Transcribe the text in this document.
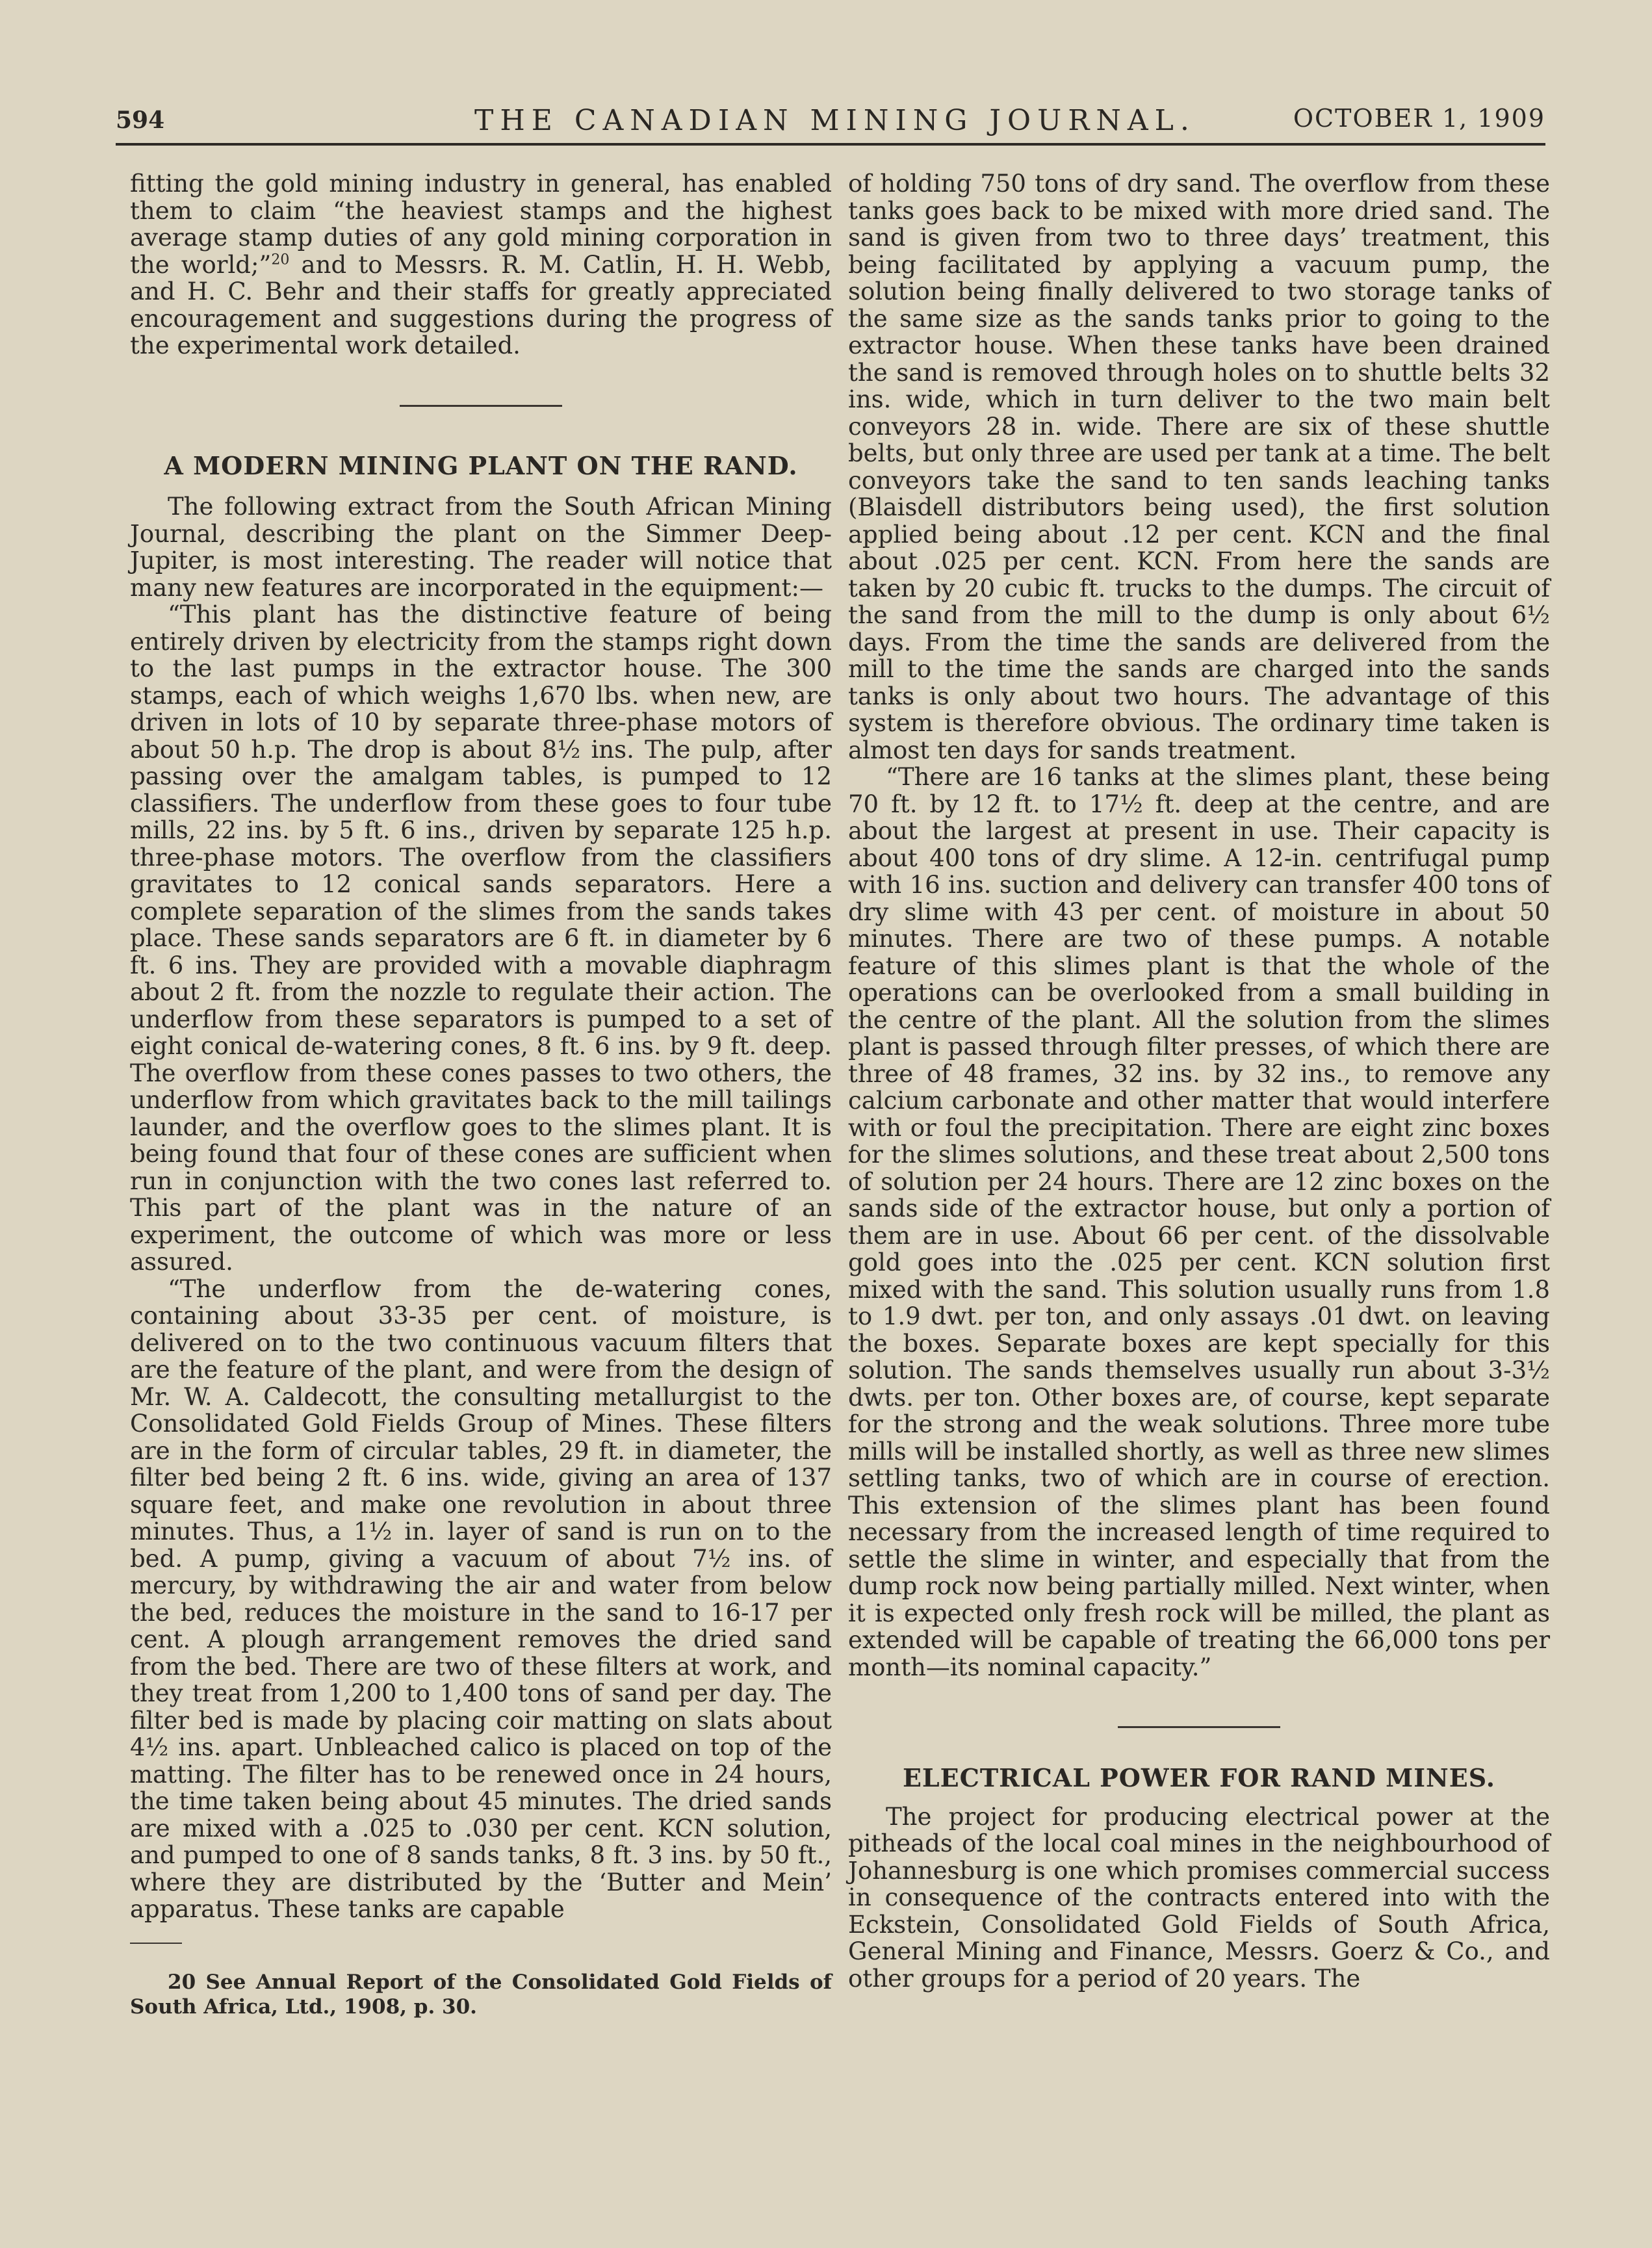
594	THE CANADIAN MINING JOURNAL.	OCTOBER 1, 1909

fitting the gold mining industry in general, has enabled them to claim “the heaviest stamps and the highest average stamp duties of any gold mining corporation in the world;”$^{20}$ and to Messrs. R. M. Catlin, H. H. Webb, and H. C. Behr and their staffs for greatly appreciated encouragement and suggestions during the progress of the experimental work detailed.

A MODERN MINING PLANT ON THE RAND.

The following extract from the South African Mining Journal, describing the plant on the Simmer Deep-Jupiter, is most interesting. The reader will notice that many new features are incorporated in the equipment:—

“This plant has the distinctive feature of being entirely driven by electricity from the stamps right down to the last pumps in the extractor house. The 300 stamps, each of which weighs 1,670 lbs. when new, are driven in lots of 10 by separate three-phase motors of about 50 h.p. The drop is about 8½ ins. The pulp, after passing over the amalgam tables, is pumped to 12 classifiers. The underflow from these goes to four tube mills, 22 ins. by 5 ft. 6 ins., driven by separate 125 h.p. three-phase motors. The overflow from the classifiers gravitates to 12 conical sands separators. Here a complete separation of the slimes from the sands takes place. These sands separators are 6 ft. in diameter by 6 ft. 6 ins. They are provided with a movable diaphragm about 2 ft. from the nozzle to regulate their action. The underflow from these separators is pumped to a set of eight conical de-watering cones, 8 ft. 6 ins. by 9 ft. deep. The overflow from these cones passes to two others, the underflow from which gravitates back to the mill tailings launder, and the overflow goes to the slimes plant. It is being found that four of these cones are sufficient when run in conjunction with the two cones last referred to. This part of the plant was in the nature of an experiment, the outcome of which was more or less assured.

“The underflow from the de-watering cones, containing about 33-35 per cent. of moisture, is delivered on to the two continuous vacuum filters that are the feature of the plant, and were from the design of Mr. W. A. Caldecott, the consulting metallurgist to the Consolidated Gold Fields Group of Mines. These filters are in the form of circular tables, 29 ft. in diameter, the filter bed being 2 ft. 6 ins. wide, giving an area of 137 square feet, and make one revolution in about three minutes. Thus, a 1½ in. layer of sand is run on to the bed. A pump, giving a vacuum of about 7½ ins. of mercury, by withdrawing the air and water from below the bed, reduces the moisture in the sand to 16-17 per cent. A plough arrangement removes the dried sand from the bed. There are two of these filters at work, and they treat from 1,200 to 1,400 tons of sand per day. The filter bed is made by placing coir matting on slats about 4½ ins. apart. Unbleached calico is placed on top of the matting. The filter has to be renewed once in 24 hours, the time taken being about 45 minutes. The dried sands are mixed with a .025 to .030 per cent. KCN solution, and pumped to one of 8 sands tanks, 8 ft. 3 ins. by 50 ft., where they are distributed by the ‘Butter and Mein’ apparatus. These tanks are capable

20 See Annual Report of the Consolidated Gold Fields of South Africa, Ltd., 1908, p. 30.

of holding 750 tons of dry sand. The overflow from these tanks goes back to be mixed with more dried sand. The sand is given from two to three days’ treatment, this being facilitated by applying a vacuum pump, the solution being finally delivered to two storage tanks of the same size as the sands tanks prior to going to the extractor house. When these tanks have been drained the sand is removed through holes on to shuttle belts 32 ins. wide, which in turn deliver to the two main belt conveyors 28 in. wide. There are six of these shuttle belts, but only three are used per tank at a time. The belt conveyors take the sand to ten sands leaching tanks (Blaisdell distributors being used), the first solution applied being about .12 per cent. KCN and the final about .025 per cent. KCN. From here the sands are taken by 20 cubic ft. trucks to the dumps. The circuit of the sand from the mill to the dump is only about 6½ days. From the time the sands are delivered from the mill to the time the sands are charged into the sands tanks is only about two hours. The advantage of this system is therefore obvious. The ordinary time taken is almost ten days for sands treatment.

“There are 16 tanks at the slimes plant, these being 70 ft. by 12 ft. to 17½ ft. deep at the centre, and are about the largest at present in use. Their capacity is about 400 tons of dry slime. A 12-in. centrifugal pump with 16 ins. suction and delivery can transfer 400 tons of dry slime with 43 per cent. of moisture in about 50 minutes. There are two of these pumps. A notable feature of this slimes plant is that the whole of the operations can be overlooked from a small building in the centre of the plant. All the solution from the slimes plant is passed through filter presses, of which there are three of 48 frames, 32 ins. by 32 ins., to remove any calcium carbonate and other matter that would interfere with or foul the precipitation. There are eight zinc boxes for the slimes solutions, and these treat about 2,500 tons of solution per 24 hours. There are 12 zinc boxes on the sands side of the extractor house, but only a portion of them are in use. About 66 per cent. of the dissolvable gold goes into the .025 per cent. KCN solution first mixed with the sand. This solution usually runs from 1.8 to 1.9 dwt. per ton, and only assays .01 dwt. on leaving the boxes. Separate boxes are kept specially for this solution. The sands themselves usually run about 3-3½ dwts. per ton. Other boxes are, of course, kept separate for the strong and the weak solutions. Three more tube mills will be installed shortly, as well as three new slimes settling tanks, two of which are in course of erection. This extension of the slimes plant has been found necessary from the increased length of time required to settle the slime in winter, and especially that from the dump rock now being partially milled. Next winter, when it is expected only fresh rock will be milled, the plant as extended will be capable of treating the 66,000 tons per month—its nominal capacity.”

ELECTRICAL POWER FOR RAND MINES.

The project for producing electrical power at the pitheads of the local coal mines in the neighbourhood of Johannesburg is one which promises commercial success in consequence of the contracts entered into with the Eckstein, Consolidated Gold Fields of South Africa, General Mining and Finance, Messrs. Goerz & Co., and other groups for a period of 20 years. The
